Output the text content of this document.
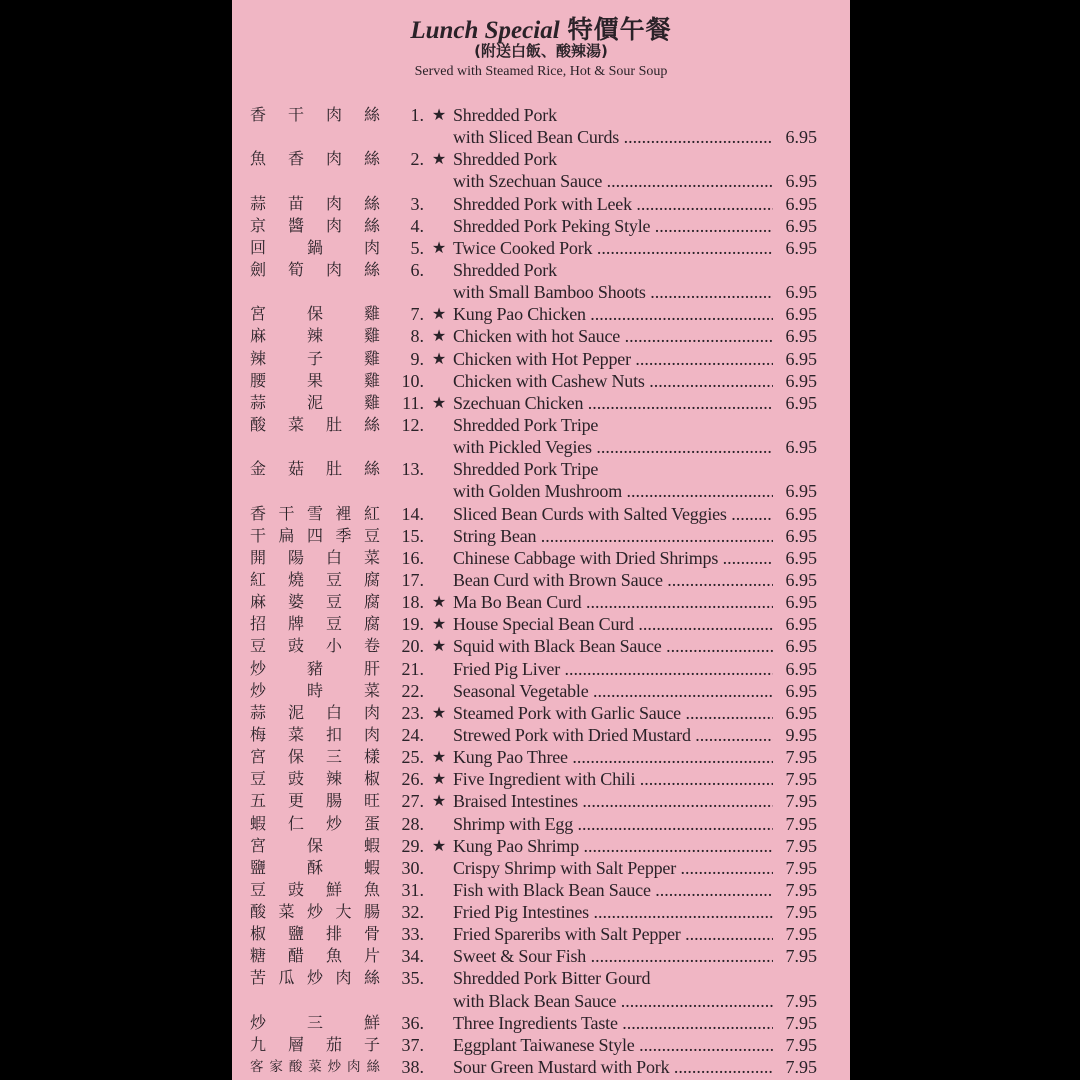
Lunch Special 特價午餐
(附送白飯、酸辣湯)
Served with Steamed Rice, Hot & Sour Soup
香 干 肉 絲	1. ★ Shredded Pork
with Sliced Bean Curds .....	6.95
魚 香 肉 絲	2. ★ Shredded Pork
with Szechuan Sauce .....	6.95
蒜 苗 肉 絲	3. Shredded Pork with Leek .....	6.95
京 醬 肉 絲	4. Shredded Pork Peking Style .....	6.95
回	鍋	肉	5. ★ Twice Cooked Pork .....	6.95
劍 筍 肉 絲	6. Shredded Pork
with Small Bamboo Shoots .....	6.95
宮	保	雞	7. ★ Kung Pao Chicken .....	6.95
麻	辣	雞	8. ★ Chicken with hot Sauce .....	6.95
辣	子	雞	9. ★ Chicken with Hot Pepper .....	6.95
腰	果	雞	10. Chicken with Cashew Nuts .....	6.95
蒜	泥	雞	11. ★ Szechuan Chicken .....	6.95
酸 菜 肚 絲	12. Shredded Pork Tripe
with Pickled Vegies .....	6.95
金 菇 肚 絲	13. Shredded Pork Tripe
with Golden Mushroom .....	6.95
香 干 雪 裡 紅	14. Sliced Bean Curds with Salted Veggies .....	6.95
干 扁 四 季 豆	15. String Bean .....	6.95
開 陽 白 菜	16. Chinese Cabbage with Dried Shrimps .....	6.95
紅 燒 豆 腐	17. Bean Curd with Brown Sauce .....	6.95
麻 婆 豆 腐	18. ★ Ma Bo Bean Curd .....	6.95
招 牌 豆 腐	19. ★ House Special Bean Curd .....	6.95
豆 豉 小 卷	20. ★ Squid with Black Bean Sauce .....	6.95
炒	豬	肝	21. Fried Pig Liver .....	6.95
炒	時	菜	22. Seasonal Vegetable .....	6.95
蒜 泥 白 肉	23. ★ Steamed Pork with Garlic Sauce .....	6.95
梅 菜 扣 肉	24. Strewed Pork with Dried Mustard .....	9.95
宮 保 三 樣	25. ★ Kung Pao Three .....	7.95
豆 豉 辣 椒	26. ★ Five Ingredient with Chili .....	7.95
五 更 腸 旺	27. ★ Braised Intestines .....	7.95
蝦 仁 炒 蛋	28. Shrimp with Egg .....	7.95
宮	保	蝦	29. ★ Kung Pao Shrimp .....	7.95
鹽	酥	蝦	30. Crispy Shrimp with Salt Pepper .....	7.95
豆 豉 鮮 魚	31. Fish with Black Bean Sauce .....	7.95
酸 菜 炒 大 腸	32. Fried Pig Intestines .....	7.95
椒 鹽 排 骨	33. Fried Spareribs with Salt Pepper .....	7.95
糖 醋 魚 片	34. Sweet & Sour Fish .....	7.95
苦 瓜 炒 肉 絲	35. Shredded Pork Bitter Gourd
with Black Bean Sauce .....	7.95
炒	三	鮮	36. Three Ingredients Taste .....	7.95
九 層 茄 子	37. Eggplant Taiwanese Style .....	7.95
客 家 酸 菜 炒 肉 絲	38. Sour Green Mustard with Pork .....	7.95
